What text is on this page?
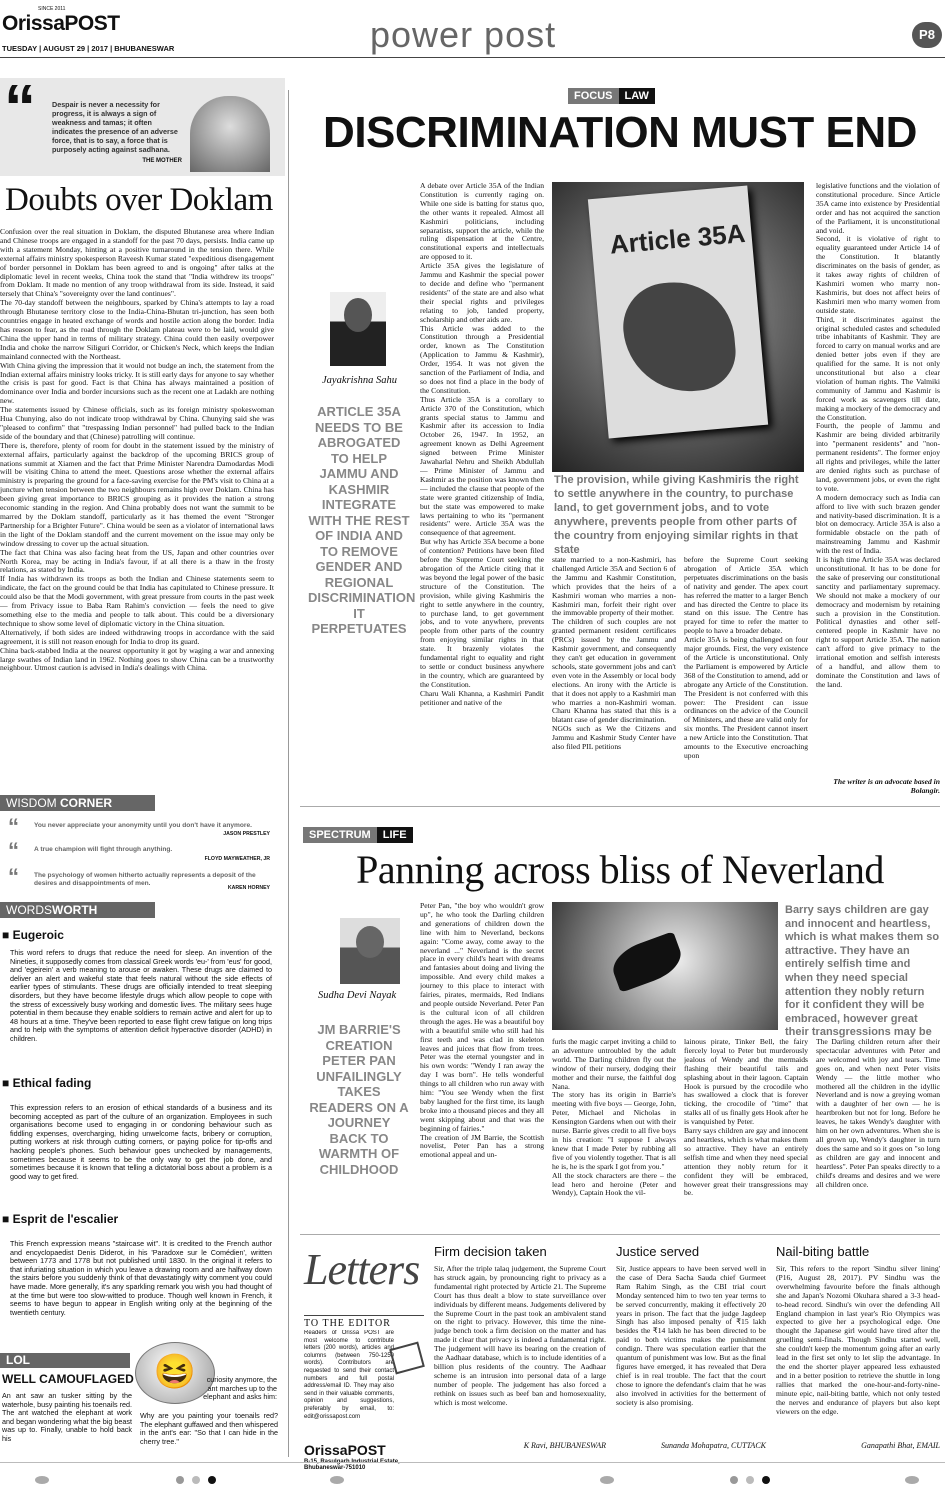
OrissaPOST
SINCE 2011
TUESDAY | AUGUST 29 | 2017 | BHUBANESWAR	power post	P8
“ Despair is never a necessity for progress, it is always a sign of weakness and tamas; it often indicates the presence of an adverse force, that is to say, a force that is purposely acting against sadhana.
THE MOTHER
Doubts over Doklam
Confusion over the real situation in Doklam, the disputed Bhutanese area where Indian and Chinese troops are engaged in a standoff for the past 70 days, persists. India came up with a statement Monday, hinting at a positive turnaround in the tension there. While external affairs ministry spokesperson Raveesh Kumar stated "expeditious disengagement of border personnel in Doklam has been agreed to and is ongoing" after talks at the diplomatic level in recent weeks, China took the stand that "India withdrew its troops" from Doklam. It made no mention of any troop withdrawal from its side. Instead, it said tersely that China's "sovereignty over the land continues".
The 70-day standoff between the neighbours, sparked by China's attempts to lay a road through Bhutanese territory close to the India-China-Bhutan tri-junction, has seen both countries engage in heated exchange of words and hostile action along the border. India has reason to fear, as the road through the Doklam plateau were to be laid, would give China the upper hand in terms of military strategy. China could then easily overpower India and choke the narrow Siliguri Corridor, or Chicken's Neck, which keeps the Indian mainland connected with the Northeast.
With China giving the impression that it would not budge an inch, the statement from the Indian external affairs ministry looks tricky. It is still early days for anyone to say whether the crisis is past for good. Fact is that China has always maintained a position of dominance over India and border incursions such as the recent one at Ladakh are nothing new.
The statements issued by Chinese officials, such as its foreign ministry spokeswoman Hua Chunying, also do not indicate troop withdrawal by China. Chunying said she was "pleased to confirm" that "trespassing Indian personnel" had pulled back to the Indian side of the boundary and that (Chinese) patrolling will continue.
There is, therefore, plenty of room for doubt in the statement issued by the ministry of external affairs, particularly against the backdrop of the upcoming BRICS group of nations summit at Xiamen and the fact that Prime Minister Narendra Damodardas Modi will be visiting China to attend the meet. Questions arose whether the external affairs ministry is preparing the ground for a face-saving exercise for the PM's visit to China at a juncture when tension between the two neighbours remains high over Doklam. China has been giving great importance to BRICS grouping as it provides the nation a strong economic standing in the region. And China probably does not want the summit to be marred by the Doklam standoff, particularly as it has themed the event "Stronger Partnership for a Brighter Future". China would be seen as a violator of international laws in the light of the Doklam standoff and the current movement on the issue may only be window dressing to cover up the actual situation.
The fact that China was also facing heat from the US, Japan and other countries over North Korea, may be acting in India's favour, if at all there is a thaw in the frosty relations, as stated by India.
If India has withdrawn its troops as both the Indian and Chinese statements seem to indicate, the fact on the ground could be that India has capitulated to Chinese pressure. It could also be that the Modi government, with great pressure from courts in the past week — from Privacy issue to Baba Ram Rahim's conviction — feels the need to give something else to the media and people to talk about. This could be a diversionary technique to show some level of diplomatic victory in the China situation.
Alternatively, if both sides are indeed withdrawing troops in accordance with the said agreement, it is still not reason enough for India to drop its guard.
China back-stabbed India at the nearest opportunity it got by waging a war and annexing large swathes of Indian land in 1962. Nothing goes to show China can be a trustworthy neighbour. Utmost caution is advised in India's dealings with China.
WISDOM CORNER
“ You never appreciate your anonymity until you don't have it anymore.
JASON PRESTLEY
“ A true champion will fight through anything.
FLOYD MAYWEATHER, JR
“ The psychology of women hitherto actually represents a deposit of the desires and disappointments of men.
KAREN HORNEY
WORDSWORTH
■ Eugeroic
This word refers to drugs that reduce the need for sleep. An invention of the Nineties, it supposedly comes from classical Greek words 'eu-' from 'eus' for good, and 'egeirein' a verb meaning to arouse or awaken. These drugs are claimed to deliver an alert and wakeful state that feels natural without the side effects of earlier types of stimulants. These drugs are officially intended to treat sleeping disorders, but they have become lifestyle drugs which allow people to cope with the stress of excessively busy working and domestic lives. The military sees huge potential in them because they enable soldiers to remain active and alert for up to 48 hours at a time. They've been reported to ease flight crew fatigue on long trips and to help with the symptoms of attention deficit hyperactive disorder (ADHD) in children.
■ Ethical fading
This expression refers to an erosion of ethical standards of a business and its becoming accepted as part of the culture of an organization. Employees in such organisations become used to engaging in or condoning behaviour such as fiddling expenses, overcharging, hiding unwelcome facts, bribery or corruption, putting workers at risk through cutting corners, or paying police for tip-offs and hacking people's phones. Such behaviour goes unchecked by managements, sometimes because it seems to be the only way to get the job done, and sometimes because it is known that telling a dictatorial boss about a problem is a good way to get fired.
■ Esprit de l'escalier
This French expression means "staircase wit". It is credited to the French author and encyclopaedist Denis Diderot, in his 'Paradoxe sur le Comédien', written between 1773 and 1778 but not published until 1830. In the original it refers to that infuriating situation in which you leave a drawing room and are halfway down the stairs before you suddenly think of that devastatingly witty comment you could have made. More generally, it's any sparkling remark you wish you had thought of at the time but were too slow-witted to produce. Though well known in French, it seems to have begun to appear in English writing only at the beginning of the twentieth century.
LOL
WELL CAMOUFLAGED
An ant saw an tusker sitting by the waterhole, busy painting his toenails red. The ant watched the elephant at work and began wondering what the big beast was up to. Finally, unable to hold back his
😆	curiosity anymore, the ant marches up to the elephant and asks him:
Why are you painting your toenails red? The elephant guffawed and then whispered in the ant's ear: "So that I can hide in the cherry tree."
FOCUS LAW
DISCRIMINATION MUST END
Jayakrishna Sahu
ARTICLE 35A NEEDS TO BE ABROGATED TO HELP JAMMU AND KASHMIR INTEGRATE WITH THE REST OF INDIA AND TO REMOVE GENDER AND REGIONAL DISCRIMINATION IT PERPETUATES
A debate over Article 35A of the Indian Constitution is currently raging on. While one side is batting for status quo, the other wants it repealed. Almost all Kashmiri politicians, including separatists, support the article, while the ruling dispensation at the Centre, constitutional experts and intellectuals are opposed to it.
Article 35A gives the legislature of Jammu and Kashmir the special power to decide and define who "permanent residents" of the state are and also what their special rights and privileges relating to job, landed property, scholarship and other aids are.
This Article was added to the Constitution through a Presidential order, known as The Constitution (Application to Jammu & Kashmir), Order, 1954. It was not given the sanction of the Parliament of India, and so does not find a place in the body of the Constitution.
Thus Article 35A is a corollary to Article 370 of the Constitution, which grants special status to Jammu and Kashmir after its accession to India October 26, 1947. In 1952, an agreement known as Delhi Agreement signed between Prime Minister Jawaharlal Nehru and Sheikh Abdullah — Prime Minister of Jammu and Kashmir as the position was known then — included the clause that people of the state were granted citizenship of India, but the state was empowered to make laws pertaining to who its "permanent residents" were. Article 35A was the consequence of that agreement.
But why has Article 35A become a bone of contention? Petitions have been filed before the Supreme Court seeking the abrogation of the Article citing that it was beyond the legal power of the basic structure of the Constitution. The provision, while giving Kashmiris the right to settle anywhere in the country, to purchase land, to get government jobs, and to vote anywhere, prevents people from other parts of the country from enjoying similar rights in that state. It brazenly violates the fundamental right to equality and right to settle or conduct business anywhere in the country, which are guaranteed by the Constitution.
Charu Wali Khanna, a Kashmiri Pandit petitioner and native of the
Article 35A
The provision, while giving Kashmiris the right to settle anywhere in the country, to purchase land, to get government jobs, and to vote anywhere, prevents people from other parts of the country from enjoying similar rights in that state
state married to a non-Kashmiri, has challenged Article 35A and Section 6 of the Jammu and Kashmir Constitution, which provides that the heirs of a Kashmiri woman who marries a non-Kashmiri man, forfeit their right over the immovable property of their mother.
The children of such couples are not granted permanent resident certificates (PRCs) issued by the Jammu and Kashmir government, and consequently they can't get education in government schools, state government jobs and can't even vote in the Assembly or local body elections. An irony with the Article is that it does not apply to a Kashmiri man who marries a non-Kashmiri woman. Charu Khanna has stated that this is a blatant case of gender discrimination.
NGOs such as We the Citizens and Jammu and Kashmir Study Center have also filed PIL petitions
before the Supreme Court seeking abrogation of Article 35A which perpetuates discriminations on the basis of nativity and gender. The apex court has referred the matter to a larger Bench and has directed the Centre to place its stand on this issue. The Centre has prayed for time to refer the matter to people to have a broader debate.
Article 35A is being challenged on four major grounds. First, the very existence of the Article is unconstitutional. Only the Parliament is empowered by Article 368 of the Constitution to amend, add or abrogate any Article of the Constitution. The President is not conferred with this power: The President can issue ordinances on the advice of the Council of Ministers, and these are valid only for six months. The President cannot insert a new Article into the Constitution. That amounts to the Executive encroaching upon
legislative functions and the violation of constitutional procedure. Since Article 35A came into existence by Presidential order and has not acquired the sanction of the Parliament, it is unconstitutional and void.
Second, it is violative of right to equality guaranteed under Article 14 of the Constitution. It blatantly discriminates on the basis of gender, as it takes away rights of children of Kashmiri women who marry non-Kashmiris, but does not affect heirs of Kashmiri men who marry women from outside state.
Third, it discriminates against the original scheduled castes and scheduled tribe inhabitants of Kashmir. They are forced to carry on manual works and are denied better jobs even if they are qualified for the same. It is not only unconstitutional but also a clear violation of human rights. The Valmiki community of Jammu and Kashmir is forced work as scavengers till date, making a mockery of the democracy and the Constitution.
Fourth, the people of Jammu and Kashmir are being divided arbitrarily into "permanent residents" and "non-permanent residents". The former enjoy all rights and privileges, while the latter are denied rights such as purchase of land, government jobs, or even the right to vote.
A modern democracy such as India can afford to live with such brazen gender and nativity-based discrimination. It is a blot on democracy. Article 35A is also a formidable obstacle on the path of mainstreaming Jammu and Kashmir with the rest of India.
It is high time Article 35A was declared unconstitutional. It has to be done for the sake of preserving our constitutional sanctity and parliamentary supremacy. We should not make a mockery of our democracy and modernism by retaining such a provision in the Constitution. Political dynasties and other self-centered people in Kashmir have no right to support Article 35A. The nation can't afford to give primacy to the irrational emotion and selfish interests of a handful, and allow them to dominate the Constitution and laws of the land.
The writer is an advocate based in Bolangir.
SPECTRUM LIFE
Panning across bliss of Neverland
Sudha Devi Nayak
JM BARRIE'S CREATION PETER PAN UNFAILINGLY TAKES READERS ON A JOURNEY BACK TO WARMTH OF CHILDHOOD
Peter Pan, "the boy who wouldn't grow up", he who took the Darling children and generations of children down the line with him to Neverland, beckons again: "Come away, come away to the neverland ..." Neverland is the secret place in every child's heart with dreams and fantasies about doing and living the impossible. And every child makes a journey to this place to interact with fairies, pirates, mermaids, Red Indians and people outside Neverland. Peter Pan is the cultural icon of all children through the ages. He was a beautiful boy with a beautiful smile who still had his first teeth and was clad in skeleton leaves and juices that flow from trees. Peter was the eternal youngster and in his own words: "Wendy I ran away the day I was born". He tells wonderful things to all children who run away with him: "You see Wendy when the first baby laughed for the first time, its laugh broke into a thousand pieces and they all went skipping about and that was the beginning of fairies."
The creation of JM Barrie, the Scottish novelist, Peter Pan has a strong emotional appeal and un-
Barry says children are gay and innocent and heartless, which is what makes them so attractive. They have an entirely selfish time and when they need special attention they nobly return for it confident they will be embraced, however great their transgressions may be
furls the magic carpet inviting a child to an adventure untroubled by the adult world. The Darling children fly out the window of their nursery, dodging their mother and their nurse, the faithful dog Nana.
The story has its origin in Barrie's meeting with five boys — George, John, Peter, Michael and Nicholas in Kensington Gardens when out with their nurse. Barrie gives credit to all five boys in his creation: "I suppose I always knew that I made Peter by rubbing all five of you violently together. That is all he is, he is the spark I got from you."
All the stock characters are there – the lead hero and heroine (Peter and Wendy), Captain Hook the vil-
lainous pirate, Tinker Bell, the fairy fiercely loyal to Peter but murderously jealous of Wendy and the mermaids flashing their beautiful tails and splashing about in their lagoon. Captain Hook is pursued by the crocodile who has swallowed a clock that is forever ticking, the crocodile of "time" that stalks all of us finally gets Hook after he is vanquished by Peter.
Barry says children are gay and innocent and heartless, which is what makes them so attractive. They have an entirely selfish time and when they need special attention they nobly return for it confident they will be embraced, however great their transgressions may be.
The Darling children return after their spectacular adventures with Peter and are welcomed with joy and tears. Time goes on, and when next Peter visits Wendy — the little mother who mothered all the children in the idyllic Neverland and is now a greying woman with a daughter of her own — he is heartbroken but not for long. Before he leaves, he takes Wendy's daughter with him on her own adventures. When she is all grown up, Wendy's daughter in turn does the same and so it goes on "so long as children are gay and innocent and heartless". Peter Pan speaks directly to a child's dreams and desires and we were all children once.
Letters
TO THE EDITOR
Readers of Orissa POST are most welcome to contribute letters (200 words), articles and columns (between 750-1250 words). Contributors are requested to send their contact numbers and full postal address/email ID. They may also send in their valuable comments, opinion and suggestions, preferably by email, to: edit@orissapost.com
OrissaPOST
Bhubaneswar-751010
Firm decision taken
Sir, After the triple talaq judgement, the Supreme Court has struck again, by pronouncing right to privacy as a fundamental right protected by Article 21. The Supreme Court has thus dealt a blow to state surveillance over individuals by different means. Judgements delivered by the Supreme Court in the past took an ambivalent stand on the right to privacy. However, this time the nine-judge bench took a firm decision on the matter and has made it clear that privacy is indeed a fundamental right. The judgement will have its bearing on the creation of the Aadhaar database, which is to include identities of a billion plus residents of the country. The Aadhaar scheme is an intrusion into personal data of a large number of people. The judgement has also forced a rethink on issues such as beef ban and homosexuality, which is most welcome.
K Ravi, BHUBANESWAR
Justice served
Sir, Justice appears to have been served well in the case of Dera Sacha Sauda chief Gurmeet Ram Rahim Singh, as the CBI trial court Monday sentenced him to two ten year terms to be served concurrently, making it effectively 20 years in prison. The fact that the judge Jagdeep Singh has also imposed penalty of ₹15 lakh besides the ₹14 lakh he has been directed to be paid to both victims makes the punishment condign. There was speculation earlier that the quantum of punishment was low. But as the final figures have emerged, it has revealed that Dera chief is in real trouble. The fact that the court chose to ignore the defendant's claim that he was also involved in activities for the betterment of society is also promising.
Sunanda Mohapatra, CUTTACK
Nail-biting battle
Sir, This refers to the report 'Sindhu silver lining' (P16, August 28, 2017). PV Sindhu was the overwhelming favourite before the finals although she and Japan's Nozomi Okuhara shared a 3-3 head-to-head record. Sindhu's win over the defending All England champion in last year's Rio Olympics was expected to give her a psychological edge. One thought the Japanese girl would have tired after the gruelling semi-finals. Though Sindhu started well, she couldn't keep the momentum going after an early lead in the first set only to let slip the advantage. In the end the shorter player appeared less exhausted and in a better position to retrieve the shuttle in long rallies that marked the one-hour-and-forty-nine-minute epic, nail-biting battle, which not only tested the nerves and endurance of players but also kept viewers on the edge.
Ganapathi Bhat, EMAIL
